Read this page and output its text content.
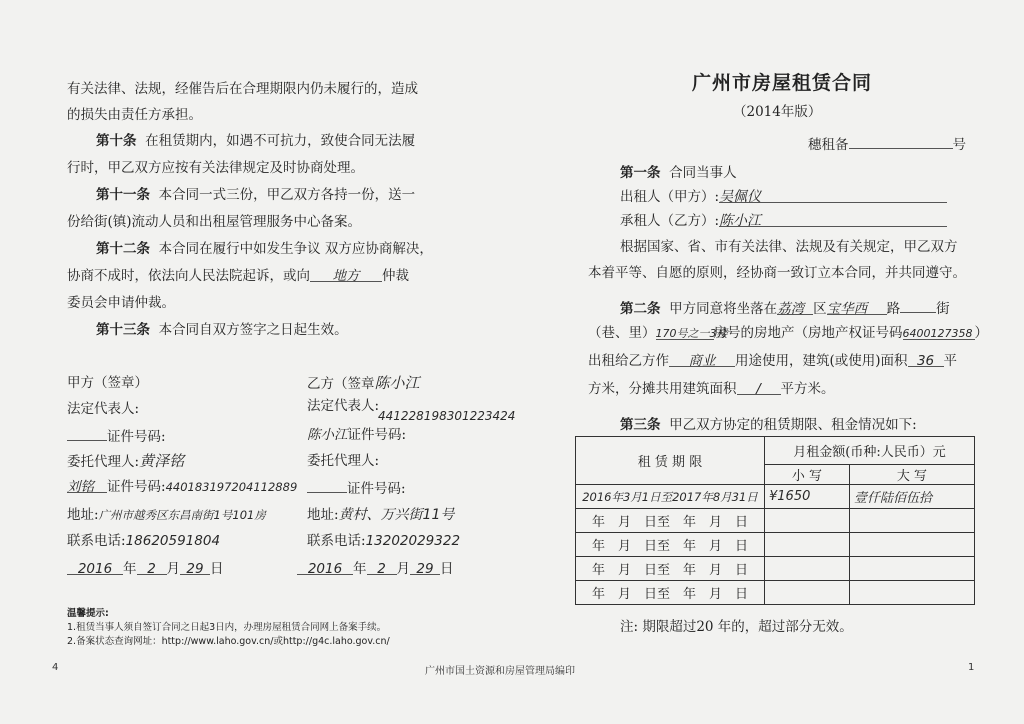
有关法律、法规，经催告后在合理期限内仍未履行的，造成
的损失由责任方承担。
第十条 在租赁期内，如遇不可抗力，致使合同无法履
行时，甲乙双方应按有关法律规定及时协商处理。
第十一条 本合同一式三份，甲乙双方各持一份，送一
份给街(镇)流动人员和出租屋管理服务中心备案。
第十二条 本合同在履行中如发生争议 双方应协商解决，
协商不成时，依法向人民法院起诉，或向 地方 仲裁
委员会申请仲裁。
第十三条 本合同自双方签字之日起生效。
甲方（签章）
法定代表人:
证件号码:
委托代理人:黄泽铭
刘铭 证件号码:440183197204112889
地址:广州市越秀区东昌南街1号101房
联系电话:18620591804
2016 年 2 月 29 日
乙方（签章陈小江
法定代表人:
441228198301223424
陈小江证件号码:
委托代理人:
证件号码:
地址:黄村、万兴街11号
联系电话:13202029322
2016 年 2 月 29 日
温馨提示:
1.租赁当事人须自签订合同之日起3日内，办理房屋租赁合同网上备案手续。
2.备案状态查询网址：http://www.laho.gov.cn/或http://g4c.laho.gov.cn/
4
广州市房屋租赁合同
（2014年版）
穗租备	号
第一条 合同当事人
出租人（甲方）:吴佩仪
承租人（乙方）:陈小江
根据国家、省、市有关法律、法规及有关规定，甲乙双方
本着平等、自愿的原则，经协商一致订立本合同，并共同遵守。
第二条 甲方同意将坐落在荔湾 区宝华西 路	街
（巷、里）170号之一3楼房号的房地产（房地产权证号码6400127358 ）
出租给乙方作 商业 用途使用，建筑(或使用)面积 36 平
方米，分摊共用建筑面积 / 平方米。
第三条 甲乙双方协定的租赁期限、租金情况如下:
租 赁 期 限	月租金额(币种:人民币）元	
	小 写	大 写
2016年3月1日至2017年8月31日	¥1650	壹仟陆佰伍拾
年　月　日至　年　月　日		
年　月　日至　年　月　日		
年　月　日至　年　月　日		
年　月　日至　年　月　日		
注: 期限超过20 年的，超过部分无效。
1
广州市国土资源和房屋管理局编印
